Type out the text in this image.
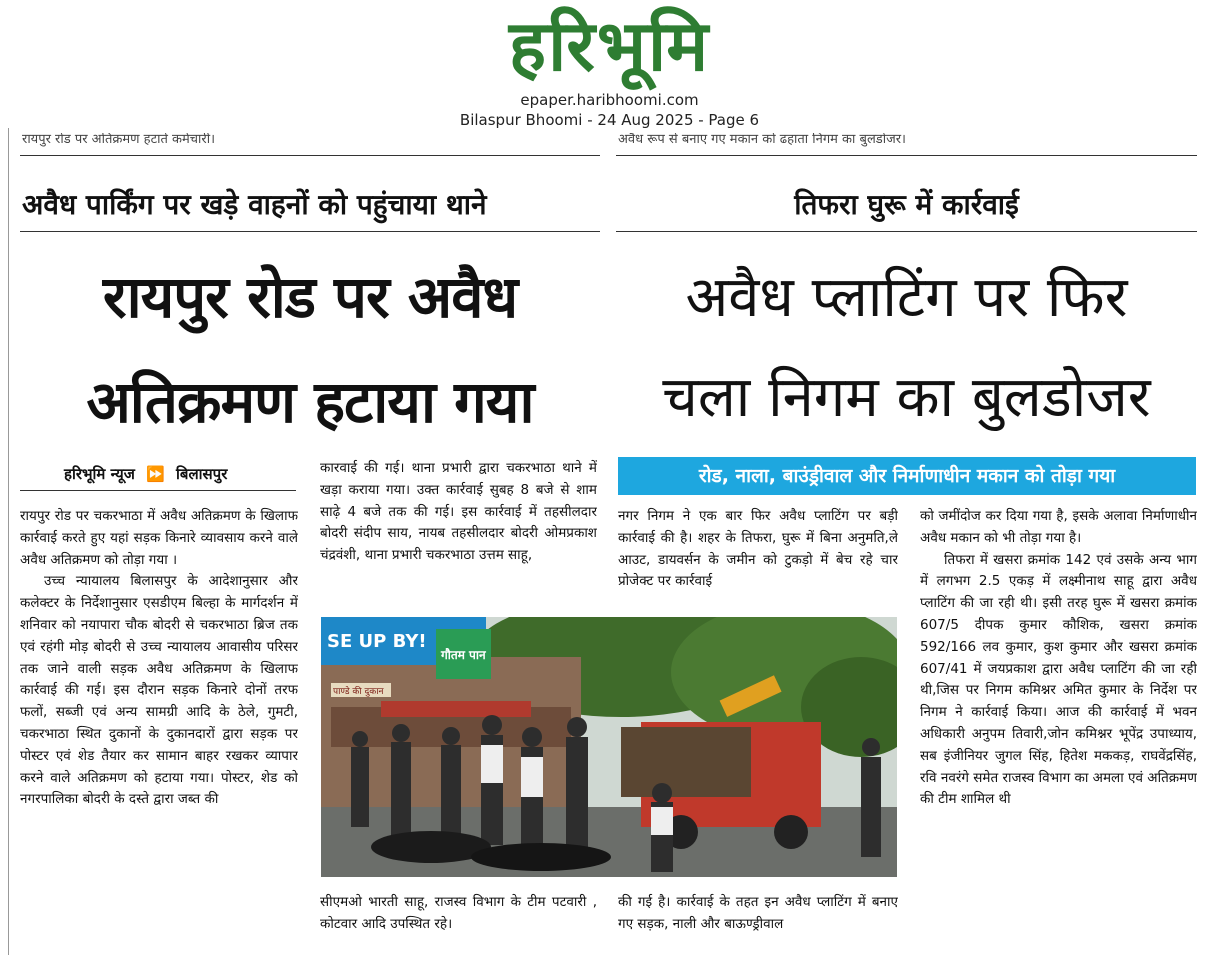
हरिभूमि
epaper.haribhoomi.com
Bilaspur Bhoomi - 24 Aug 2025 - Page 6
रायपुर रोड पर अतिक्रमण हटाते कर्मचारी।	अवैध रूप से बनाए गए मकान को ढहाता निगम का बुलडोजर।
अवैध पार्किंग पर खड़े वाहनों को पहुंचाया थाने
रायपुर रोड पर अवैध
अतिक्रमण हटाया गया
हरिभूमि न्यूज ⏩ बिलासपुर

रायपुर रोड पर चकरभाठा में अवैध अतिक्रमण के खिलाफ कार्रवाई करते हुए यहां सड़क किनारे व्यावसाय करने वाले अवैध अतिक्रमण को तोड़ा गया ।

उच्च न्यायालय बिलासपुर के आदेशानुसार और कलेक्टर के निर्देशानुसार एसडीएम बिल्हा के मार्गदर्शन में शनिवार को नयापारा चौक बोदरी से चकरभाठा ब्रिज तक एवं रहंगी मोड़ बोदरी से उच्च न्यायालय आवासीय परिसर तक जाने वाली सड़क अवैध अतिक्रमण के खिलाफ कार्रवाई की गई। इस दौरान सड़क किनारे दोनों तरफ फलों, सब्जी एवं अन्य सामग्री आदि के ठेले, गुमटी, चकरभाठा स्थित दुकानों के दुकानदारों द्वारा सड़क पर पोस्टर एवं शेड तैयार कर सामान बाहर रखकर व्यापार करने वाले अतिक्रमण को हटाया गया। पोस्टर, शेड को नगरपालिका बोदरी के दस्ते द्वारा जब्त की

कारवाई की गई। थाना प्रभारी द्वारा चकरभाठा थाने में खड़ा कराया गया। उक्त कार्रवाई सुबह 8 बजे से शाम साढ़े 4 बजे तक की गई। इस कार्रवाई में तहसीलदार बोदरी संदीप साय, नायब तहसीलदार बोदरी ओमप्रकाश चंद्रवंशी, थाना प्रभारी चकरभाठा उत्तम साहू,

सीएमओ भारती साहू, राजस्व विभाग के टीम पटवारी , कोटवार आदि उपस्थित रहे।

तिफरा घुरू में कार्रवाई
अवैध प्लाटिंग पर फिर
चला निगम का बुलडोजर
रोड, नाला, बाउंड्रीवाल और निर्माणाधीन मकान को तोड़ा गया

नगर निगम ने एक बार फिर अवैध प्लाटिंग पर बड़ी कार्रवाई की है। शहर के तिफरा, घुरू में बिना अनुमति,ले आउट, डायवर्सन के जमीन को टुकड़ो में बेच रहे चार प्रोजेक्ट पर कार्रवाई

की गई है। कार्रवाई के तहत इन अवैध प्लाटिंग में बनाए गए सड़क, नाली और बाऊण्ड्रीवाल

को जमींदोज कर दिया गया है, इसके अलावा निर्माणाधीन अवैध मकान को भी तोड़ा गया है।

तिफरा में खसरा क्रमांक 142 एवं उसके अन्य भाग में लगभग 2.5 एकड़ में लक्ष्मीनाथ साहू द्वारा अवैध प्लाटिंग की जा रही थी। इसी तरह घुरू में खसरा क्रमांक 607/5 दीपक कुमार कौशिक, खसरा क्रमांक 592/166 लव कुमार, कुश कुमार और खसरा क्रमांक 607/41 में जयप्रकाश द्वारा अवैध प्लाटिंग की जा रही थी,जिस पर निगम कमिश्नर अमित कुमार के निर्देश पर निगम ने कार्रवाई किया। आज की कार्रवाई में भवन अधिकारी अनुपम तिवारी,जोन कमिश्नर भूपेंद्र उपाध्याय, सब इंजीनियर जुगल सिंह, हितेश मककड़, राघवेंद्रसिंह, रवि नवरंगे समेत राजस्व विभाग का अमला एवं अतिक्रमण की टीम शामिल थी

SE UP BY!
गौतम पान
पाण्डे की दुकान
